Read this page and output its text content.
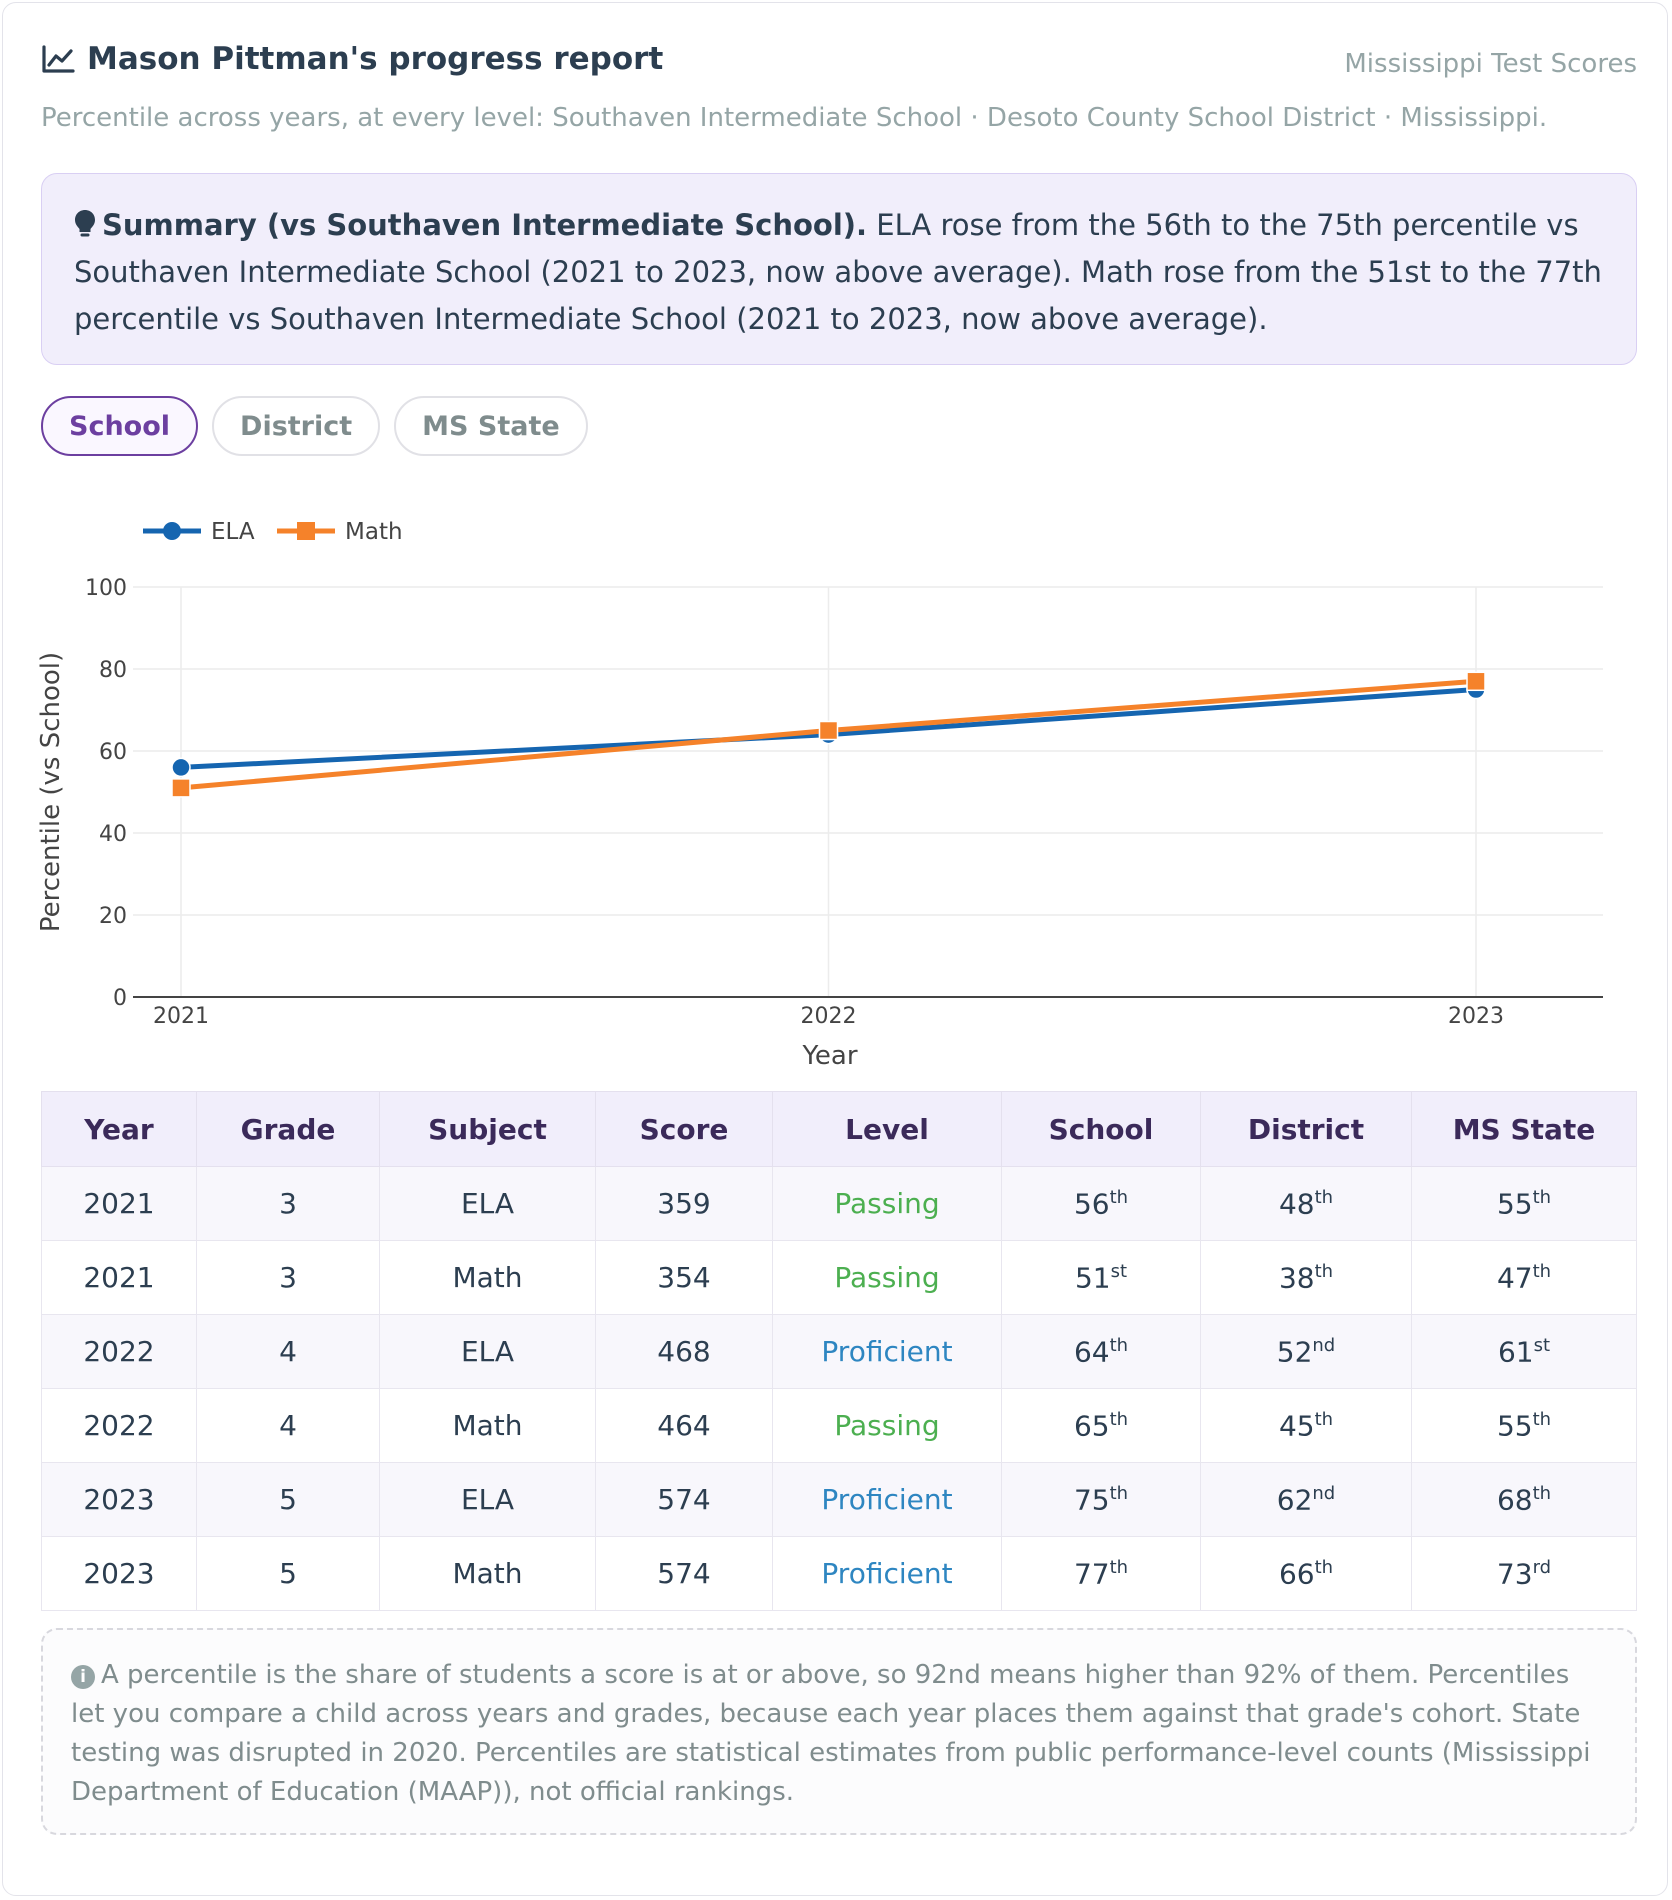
Mason Pittman's progress report	Mississippi Test Scores
Percentile across years, at every level: Southaven Intermediate School · Desoto County School District · Mississippi.
Summary (vs Southaven Intermediate School). ELA rose from the 56th to the 75th percentile vs Southaven Intermediate School (2021 to 2023, now above average). Math rose from the 51st to the 77th percentile vs Southaven Intermediate School (2021 to 2023, now above average).
School	District	MS State
0
20
40
60
80
100
2021	2022	2023
Year
Percentile (vs School)
ELA	Math
Year	Grade	Subject	Score	Level	School	District	MS State
2021	3	ELA	359	Passing	56th	48th	55th
2021	3	Math	354	Passing	51st	38th	47th
2022	4	ELA	468	Proficient	64th	52nd	61st
2022	4	Math	464	Passing	65th	45th	55th
2023	5	ELA	574	Proficient	75th	62nd	68th
2023	5	Math	574	Proficient	77th	66th	73rd
i A percentile is the share of students a score is at or above, so 92nd means higher than 92% of them. Percentiles let you compare a child across years and grades, because each year places them against that grade's cohort. State testing was disrupted in 2020. Percentiles are statistical estimates from public performance-level counts (Mississippi Department of Education (MAAP)), not official rankings.
